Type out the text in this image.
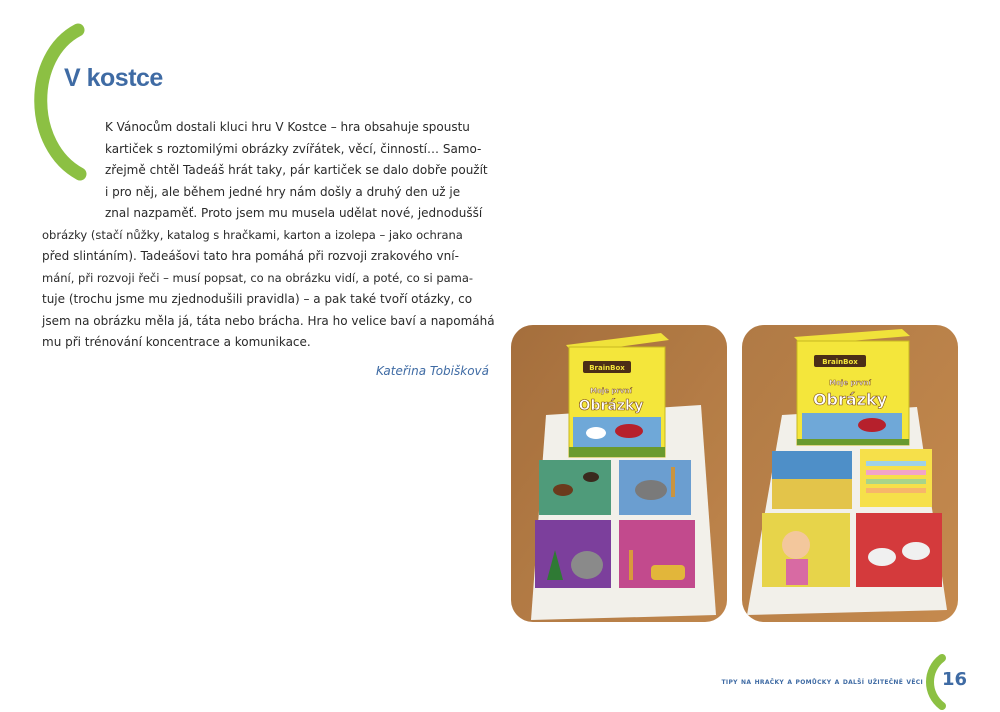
V kostce
K Vánocům dostali kluci hru V Kostce – hra obsahuje spoustu
kartiček s roztomilými obrázky zvířátek, věcí, činností… Samo-
zřejmě chtěl Tadeáš hrát taky, pár kartiček se dalo dobře použít
i pro něj, ale během jedné hry nám došly a druhý den už je
znal nazpaměť. Proto jsem mu musela udělat nové, jednodušší
obrázky (stačí nůžky, katalog s hračkami, karton a izolepa – jako ochrana
před slintáním). Tadeášovi tato hra pomáhá při rozvoji zrakového vní-
mání, při rozvoji řeči – musí popsat, co na obrázku vidí, a poté, co si pama-
tuje (trochu jsme mu zjednodušili pravidla) – a pak také tvoří otázky, co
jsem na obrázku měla já, táta nebo brácha. Hra ho velice baví a napomáhá
mu při trénování koncentrace a komunikace.
Kateřina Tobišková	BrainBox
Moje první
Obrázky
BrainBox
Moje první
Obrázky
tipy na hračky a pomůcky a další užitečné věci 16
